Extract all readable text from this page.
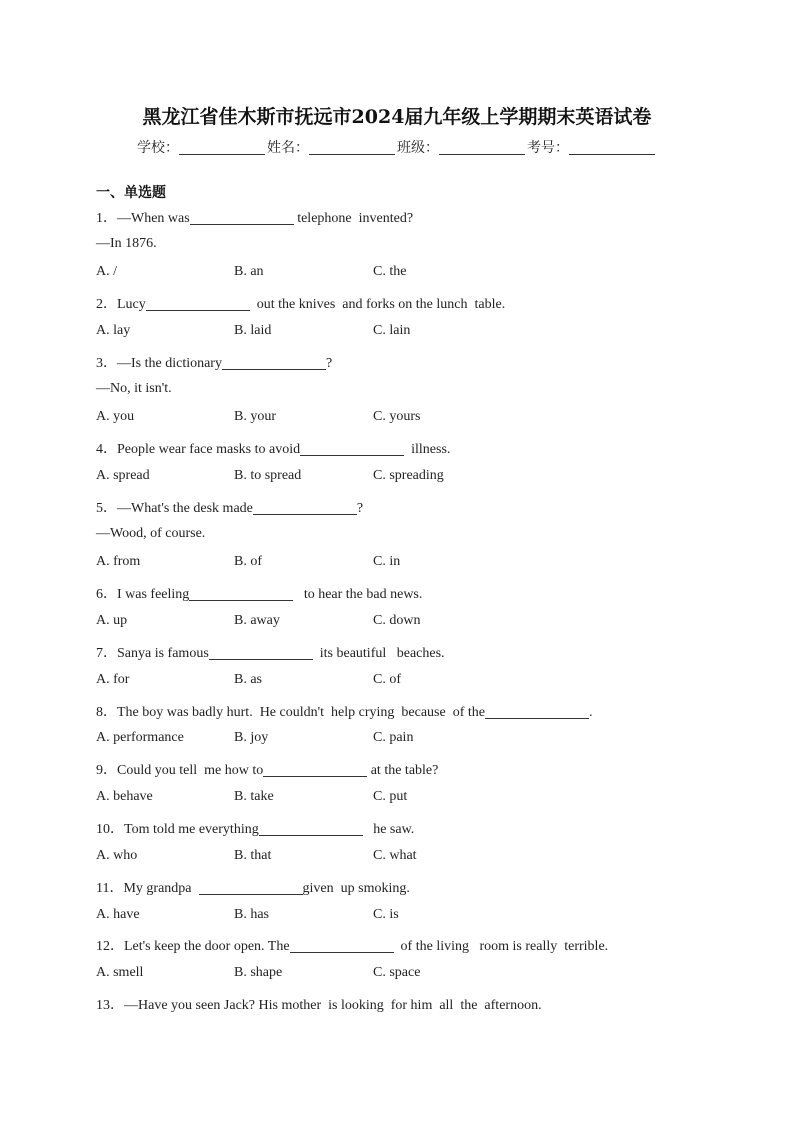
黑龙江省佳木斯市抚远市2024届九年级上学期期末英语试卷
学校：	姓名：	班级：	考号：
一、单选题
1．—When was	telephone  invented?
—In 1876.
A. /	B. an	C. the
2．Lucy	out the knives  and forks on the lunch  table.
A. lay	B. laid	C. lain
3．—Is the dictionary	?
—No, it isn't.
A. you	B. your	C. yours
4．People wear face masks to avoid	illness.
A. spread	B. to spread	C. spreading
5．—What's the desk made	?
—Wood, of course.
A. from	B. of	C. in
6．I was feeling	to hear the bad news.
A. up	B. away	C. down
7．Sanya is famous	its beautiful   beaches.
A. for	B. as	C. of
8．The boy was badly hurt.  He couldn't  help crying  because  of the	.
A. performance	B. joy	C. pain
9．Could you tell  me how to	at the table?
A. behave	B. take	C. put
10．Tom told me everything	he saw.
A. who	B. that	C. what
11．My grandpa	given  up smoking.
A. have	B. has	C. is
12．Let's keep the door open. The	of the living   room is really  terrible.
A. smell	B. shape	C. space
13．—Have you seen Jack? His mother  is looking  for him  all  the  afternoon.
